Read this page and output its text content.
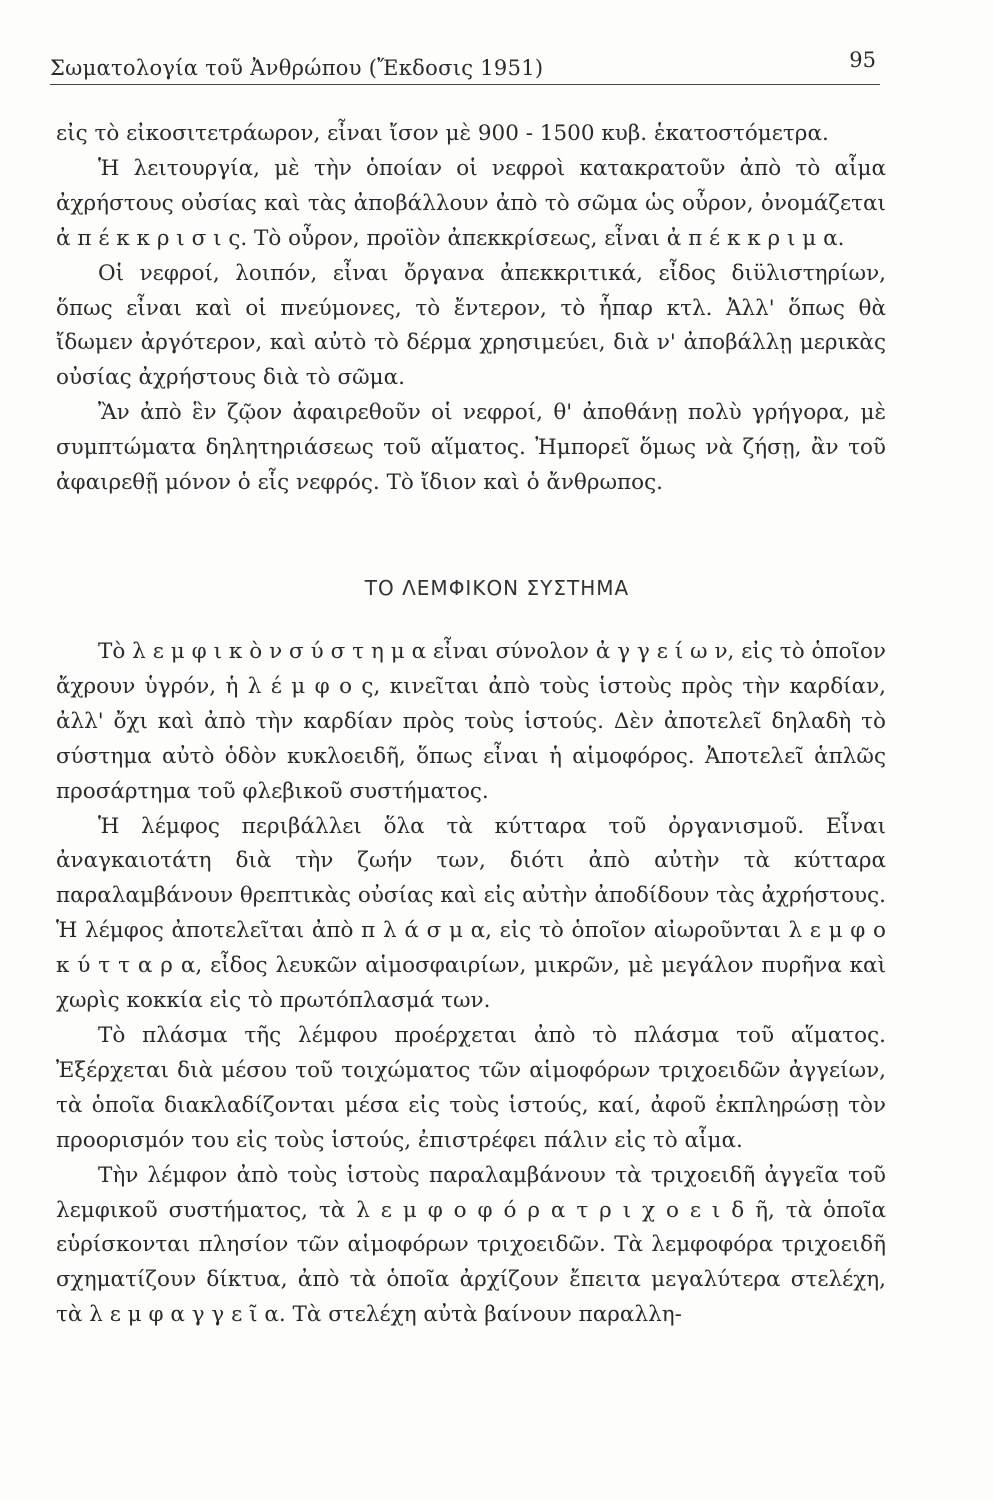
Σωματολογία τοῦ Ἀνθρώπου (Ἔκδοσις 1951)	95

εἰς τὸ εἰκοσιτετράωρον, εἶναι ἴσον μὲ 900 - 1500 κυβ. ἑκατοστόμετρα.

Ἡ λειτουργία, μὲ τὴν ὁποίαν οἱ νεφροὶ κατακρατοῦν ἀπὸ τὸ αἷμα ἀχρήστους οὐσίας καὶ τὰς ἀποβάλλουν ἀπὸ τὸ σῶμα ὡς οὖρον, ὀνομάζεται ἀ π έ κ κ ρ ι σ ι ς. Τὸ οὖρον, προϊὸν ἀπεκκρίσεως, εἶναι ἀ π έ κ κ ρ ι μ α.

Οἱ νεφροί, λοιπόν, εἶναι ὄργανα ἀπεκκριτικά, εἶδος διϋλιστηρίων, ὅπως εἶναι καὶ οἱ πνεύμονες, τὸ ἔντερον, τὸ ἧπαρ κτλ. Ἀλλ' ὅπως θὰ ἴδωμεν ἀργότερον, καὶ αὐτὸ τὸ δέρμα χρησιμεύει, διὰ ν' ἀποβάλλῃ μερικὰς οὐσίας ἀχρήστους διὰ τὸ σῶμα.

Ἂν ἀπὸ ἓν ζῷον ἀφαιρεθοῦν οἱ νεφροί, θ' ἀποθάνῃ πολὺ γρήγορα, μὲ συμπτώματα δηλητηριάσεως τοῦ αἵματος. Ἠμπορεῖ ὅμως νὰ ζήσῃ, ἂν τοῦ ἀφαιρεθῇ μόνον ὁ εἷς νεφρός. Τὸ ἴδιον καὶ ὁ ἄνθρωπος.

ΤΟ ΛΕΜΦΙΚΟΝ ΣΥΣΤΗΜΑ

Τὸ λ ε μ φ ι κ ὸ ν σ ύ σ τ η μ α εἶναι σύνολον ἀ γ γ ε ί ω ν, εἰς τὸ ὁποῖον ἄχρουν ὑγρόν, ἡ λ έ μ φ ο ς, κινεῖται ἀπὸ τοὺς ἱστοὺς πρὸς τὴν καρδίαν, ἀλλ' ὄχι καὶ ἀπὸ τὴν καρδίαν πρὸς τοὺς ἱστούς. Δὲν ἀποτελεῖ δηλαδὴ τὸ σύστημα αὐτὸ ὁδὸν κυκλοειδῆ, ὅπως εἶναι ἡ αἱμοφόρος. Ἀποτελεῖ ἁπλῶς προσάρτημα τοῦ φλεβικοῦ συστήματος.

Ἡ λέμφος περιβάλλει ὅλα τὰ κύτταρα τοῦ ὀργανισμοῦ. Εἶναι ἀναγκαιοτάτη διὰ τὴν ζωήν των, διότι ἀπὸ αὐτὴν τὰ κύτταρα παραλαμβάνουν θρεπτικὰς οὐσίας καὶ εἰς αὐτὴν ἀποδίδουν τὰς ἀχρήστους. Ἡ λέμφος ἀποτελεῖται ἀπὸ π λ ά σ μ α, εἰς τὸ ὁποῖον αἰωροῦνται λ ε μ φ ο κ ύ τ τ α ρ α, εἶδος λευκῶν αἱμοσφαιρίων, μικρῶν, μὲ μεγάλον πυρῆνα καὶ χωρὶς κοκκία εἰς τὸ πρωτόπλασμά των.

Τὸ πλάσμα τῆς λέμφου προέρχεται ἀπὸ τὸ πλάσμα τοῦ αἵματος. Ἐξέρχεται διὰ μέσου τοῦ τοιχώματος τῶν αἱμοφόρων τριχοειδῶν ἀγγείων, τὰ ὁποῖα διακλαδίζονται μέσα εἰς τοὺς ἱστούς, καί, ἀφοῦ ἐκπληρώσῃ τὸν προορισμόν του εἰς τοὺς ἱστούς, ἐπιστρέφει πάλιν εἰς τὸ αἷμα.

Τὴν λέμφον ἀπὸ τοὺς ἱστοὺς παραλαμβάνουν τὰ τριχοειδῆ ἀγγεῖα τοῦ λεμφικοῦ συστήματος, τὰ λ ε μ φ ο φ ό ρ α τ ρ ι χ ο ε ι δ ῆ, τὰ ὁποῖα εὑρίσκονται πλησίον τῶν αἱμοφόρων τριχοειδῶν. Τὰ λεμφοφόρα τριχοειδῆ σχηματίζουν δίκτυα, ἀπὸ τὰ ὁποῖα ἀρχίζουν ἔπειτα μεγαλύτερα στελέχη, τὰ λ ε μ φ α γ γ ε ῖ α. Τὰ στελέχη αὐτὰ βαίνουν παραλλη-
